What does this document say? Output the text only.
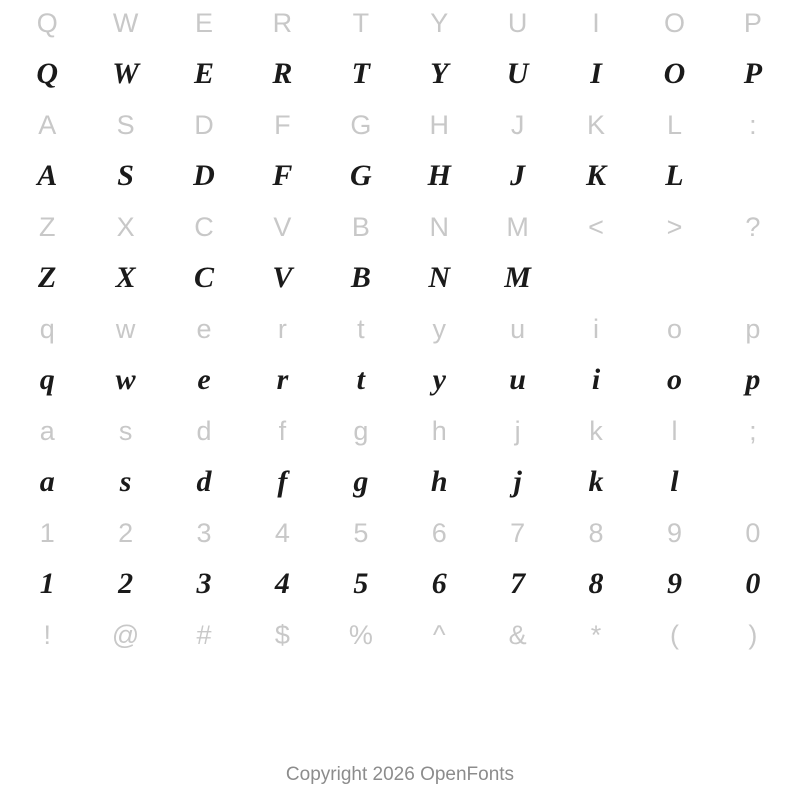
Q	W	E	R	T	Y	U	I	O	P
Q	W	E	R	T	Y	U	I	O	P
A	S	D	F	G	H	J	K	L	:
A	S	D	F	G	H	J	K	L
Z	X	C	V	B	N	M	<	>	?
Z	X	C	V	B	N	M
q	w	e	r	t	y	u	i	o	p
q	w	e	r	t	y	u	i	o	p
a	s	d	f	g	h	j	k	l	;
a	s	d	f	g	h	j	k	l
1	2	3	4	5	6	7	8	9	0
1	2	3	4	5	6	7	8	9	0
!	@	#	$	%	^	&	*	(	)
Copyright 2026 OpenFonts
